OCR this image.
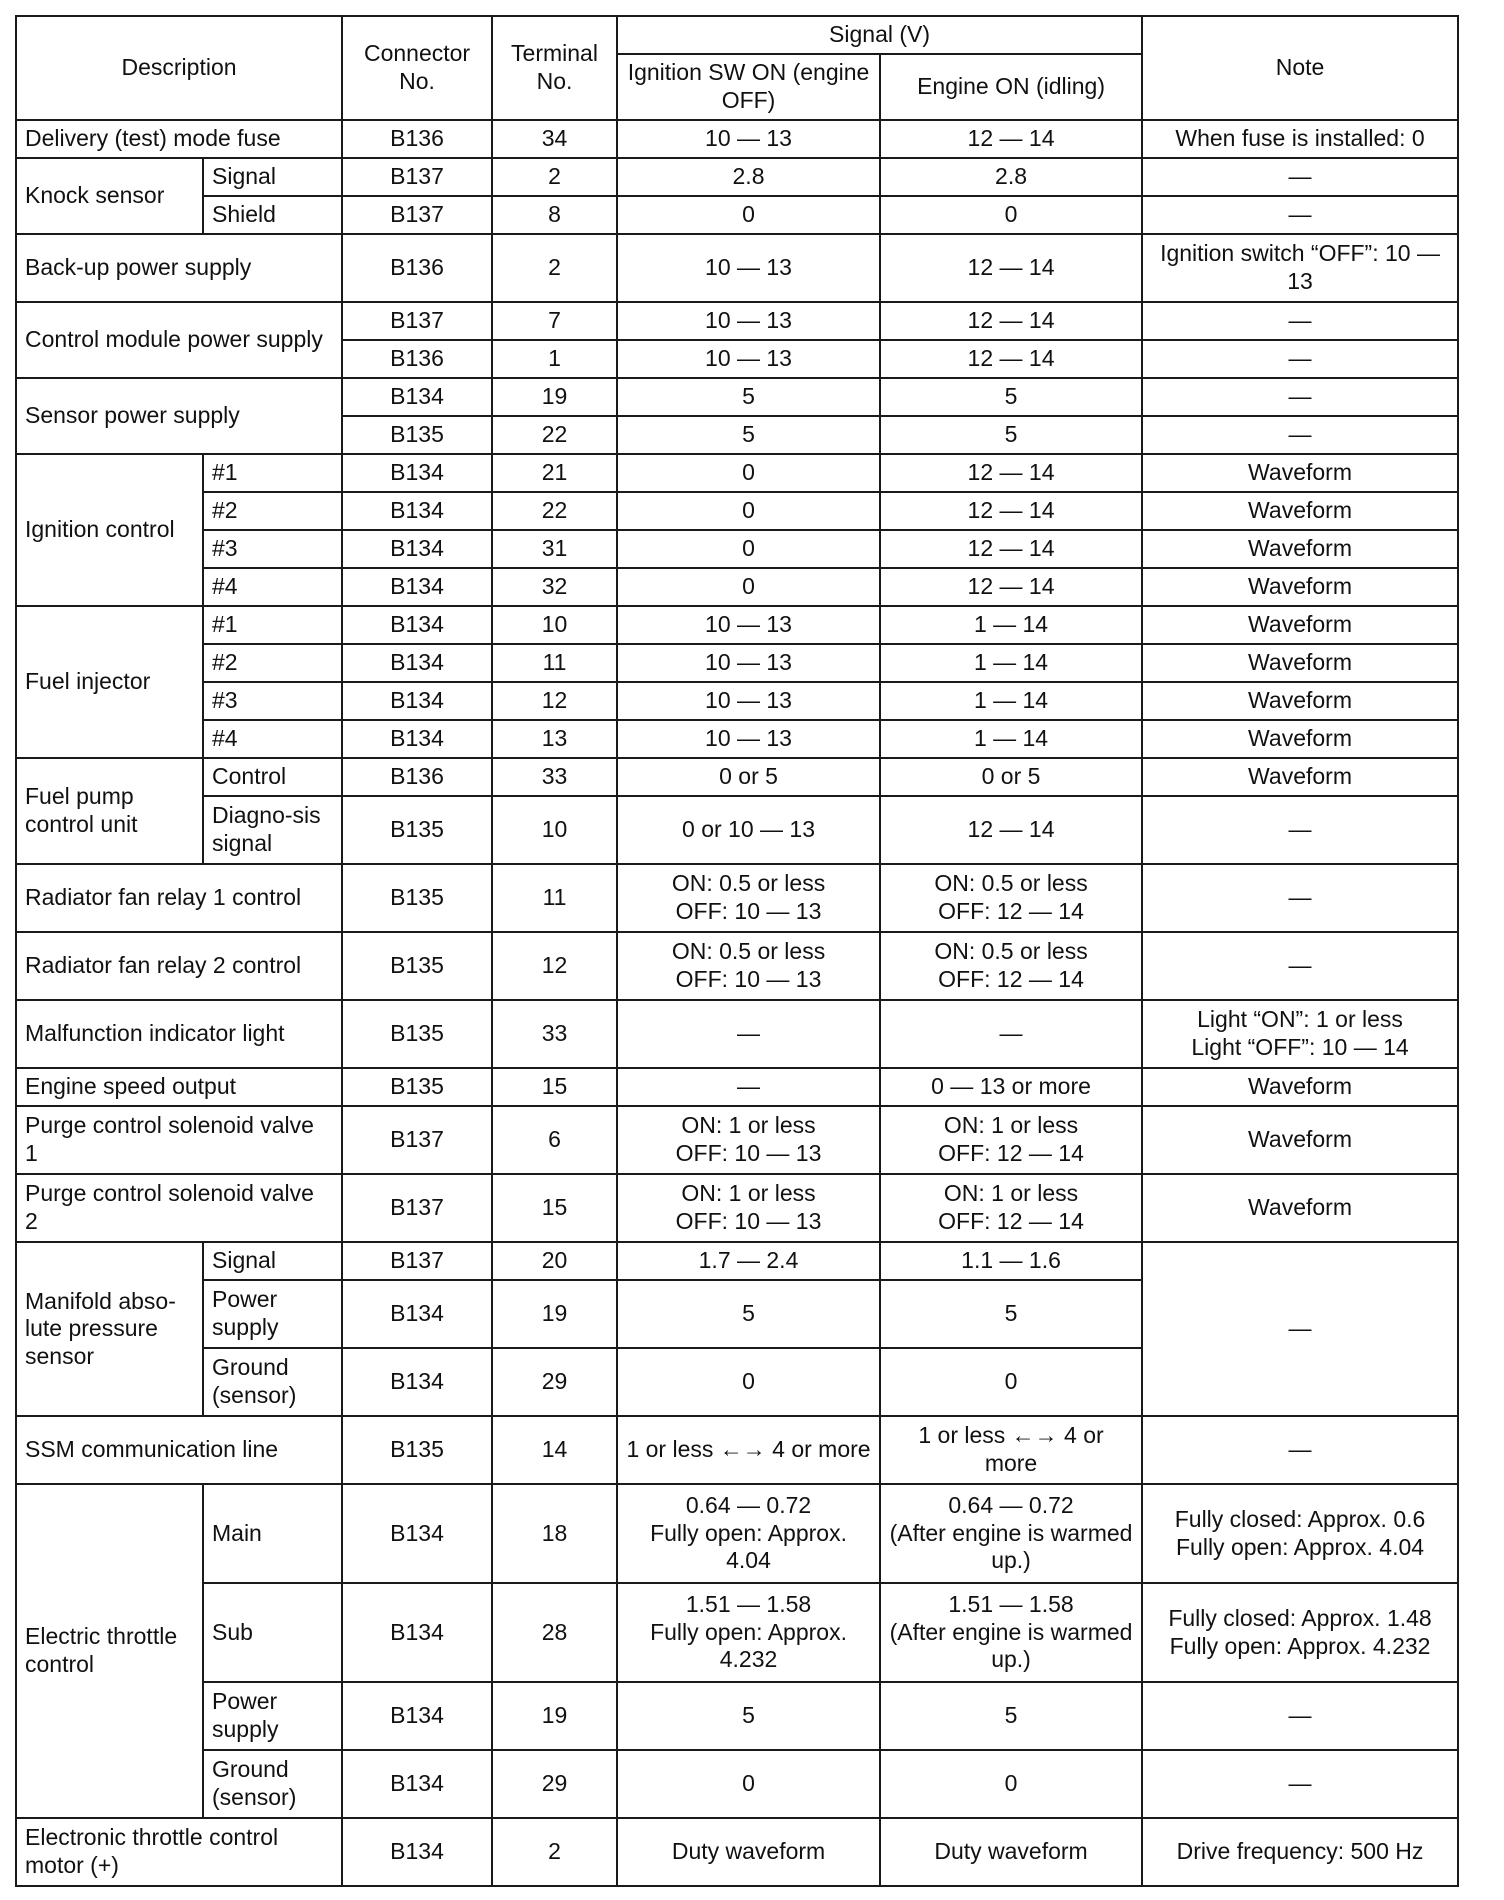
Description		Connector No.	Terminal No.	Signal (V)		Note
				Ignition SW ON (engine OFF)	Engine ON (idling)	
Delivery (test) mode fuse		B136	34	10 — 13	12 — 14	When fuse is installed: 0
Knock sensor	Signal	B137	2	2.8	2.8	—
	Shield	B137	8	0	0	—
Back-up power supply		B136	2	10 — 13	12 — 14	Ignition switch “OFF”: 10 — 13
Control module power supply		B137	7	10 — 13	12 — 14	—
		B136	1	10 — 13	12 — 14	—
Sensor power supply		B134	19	5	5	—
		B135	22	5	5	—
Ignition control	#1	B134	21	0	12 — 14	Waveform
	#2	B134	22	0	12 — 14	Waveform
	#3	B134	31	0	12 — 14	Waveform
	#4	B134	32	0	12 — 14	Waveform
Fuel injector	#1	B134	10	10 — 13	1 — 14	Waveform
	#2	B134	11	10 — 13	1 — 14	Waveform
	#3	B134	12	10 — 13	1 — 14	Waveform
	#4	B134	13	10 — 13	1 — 14	Waveform
Fuel pump control unit	Control	B136	33	0 or 5	0 or 5	Waveform
	Diagno-sis signal	B135	10	0 or 10 — 13	12 — 14	—
Radiator fan relay 1 control		B135	11	ON: 0.5 or less
OFF: 10 — 13	ON: 0.5 or less
OFF: 12 — 14	—
Radiator fan relay 2 control		B135	12	ON: 0.5 or less
OFF: 10 — 13	ON: 0.5 or less
OFF: 12 — 14	—
Malfunction indicator light		B135	33	—	—	Light “ON”: 1 or less
Light “OFF”: 10 — 14

Engine speed output		B135	15	—	0 — 13 or more	Waveform
Purge control solenoid valve 1		B137	6	ON: 1 or less
OFF: 10 — 13	ON: 1 or less
OFF: 12 — 14	Waveform
Purge control solenoid valve 2		B137	15	ON: 1 or less
OFF: 10 — 13	ON: 1 or less
OFF: 12 — 14	Waveform
Manifold abso-lute pressure sensor	Signal	B137	20	1.7 — 2.4	1.1 — 1.6	—
	Power supply	B134	19	5	5	
	Ground (sensor)	B134	29	0	0	
SSM communication line		B135	14	1 or less ←→ 4 or more	1 or less ←→ 4 or more	—
Electric throttle control	Main	B134	18	0.64 — 0.72
Fully open: Approx. 4.04	0.64 — 0.72
(After engine is warmed up.)	Fully closed: Approx. 0.6
Fully open: Approx. 4.04

	Sub	B134	28	1.51 — 1.58
Fully open: Approx. 4.232	1.51 — 1.58
(After engine is warmed up.)	Fully closed: Approx. 1.48
Fully open: Approx. 4.232

	Power supply	B134	19	5	5	—
	Ground (sensor)	B134	29	0	0	—
Electronic throttle control motor (+)		B134	2	Duty waveform	Duty waveform	Drive frequency: 500 Hz
